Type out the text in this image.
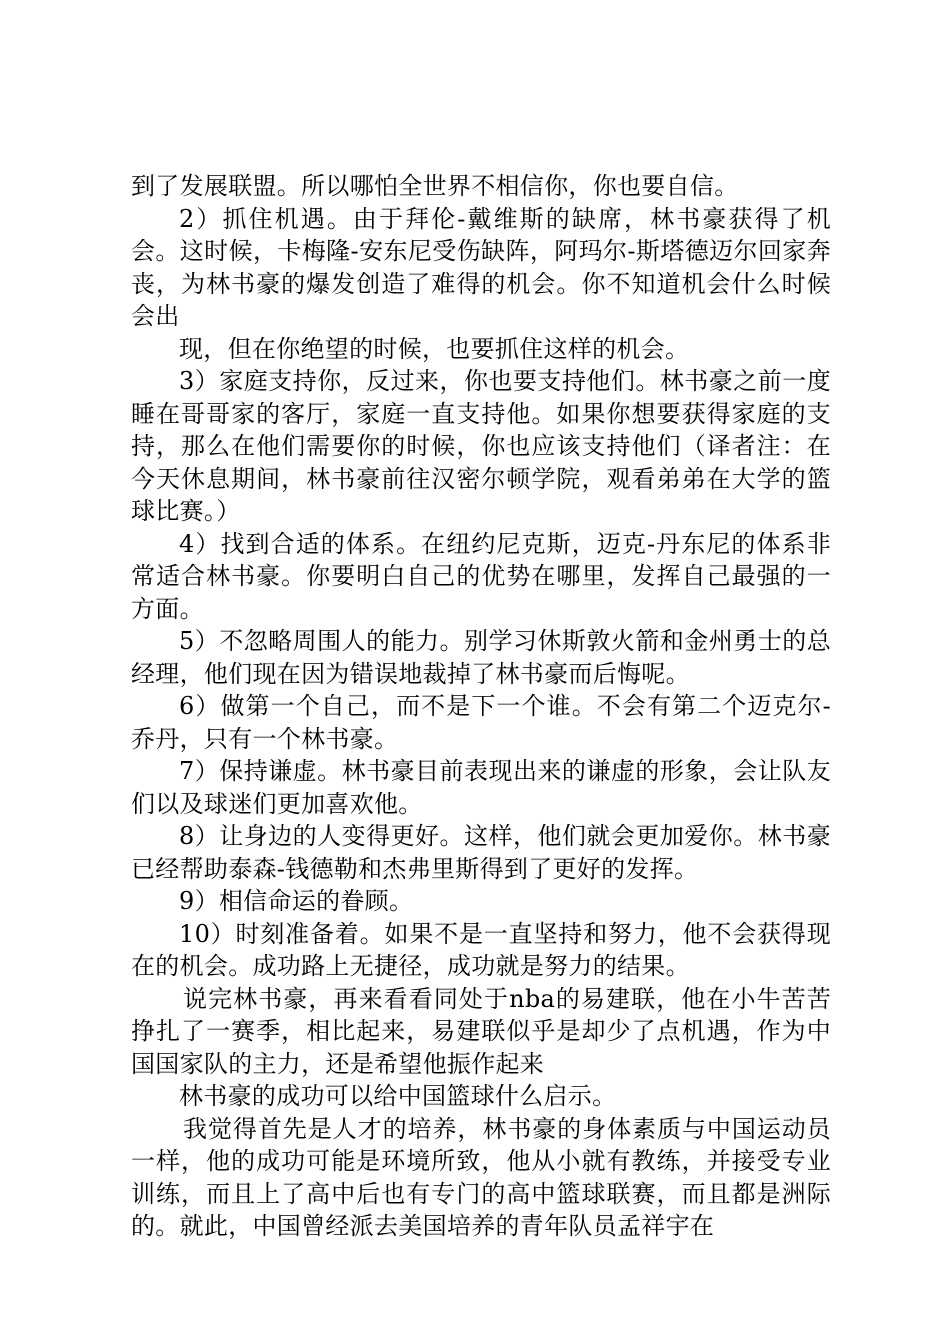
到了发展联盟。所以哪怕全世界不相信你，你也要自信。

2）抓住机遇。由于拜伦-戴维斯的缺席，林书豪获得了机会。这时候，卡梅隆-安东尼受伤缺阵，阿玛尔-斯塔德迈尔回家奔丧，为林书豪的爆发创造了难得的机会。你不知道机会什么时候会出

现，但在你绝望的时候，也要抓住这样的机会。

3）家庭支持你，反过来，你也要支持他们。林书豪之前一度睡在哥哥家的客厅，家庭一直支持他。如果你想要获得家庭的支持，那么在他们需要你的时候，你也应该支持他们（译者注：在今天休息期间，林书豪前往汉密尔顿学院，观看弟弟在大学的篮球比赛。）

4）找到合适的体系。在纽约尼克斯，迈克-丹东尼的体系非常适合林书豪。你要明白自己的优势在哪里，发挥自己最强的一方面。

5）不忽略周围人的能力。别学习休斯敦火箭和金州勇士的总经理，他们现在因为错误地裁掉了林书豪而后悔呢。

6）做第一个自己，而不是下一个谁。不会有第二个迈克尔-乔丹，只有一个林书豪。

7）保持谦虚。林书豪目前表现出来的谦虚的形象，会让队友们以及球迷们更加喜欢他。

8）让身边的人变得更好。这样，他们就会更加爱你。林书豪已经帮助泰森-钱德勒和杰弗里斯得到了更好的发挥。

9）相信命运的眷顾。

10）时刻准备着。如果不是一直坚持和努力，他不会获得现在的机会。成功路上无捷径，成功就是努力的结果。

说完林书豪，再来看看同处于nba的易建联，他在小牛苦苦挣扎了一赛季，相比起来，易建联似乎是却少了点机遇，作为中国国家队的主力，还是希望他振作起来

林书豪的成功可以给中国篮球什么启示。

我觉得首先是人才的培养，林书豪的身体素质与中国运动员一样，他的成功可能是环境所致，他从小就有教练，并接受专业训练，而且上了高中后也有专门的高中篮球联赛，而且都是洲际的。就此，中国曾经派去美国培养的青年队员孟祥宇在
